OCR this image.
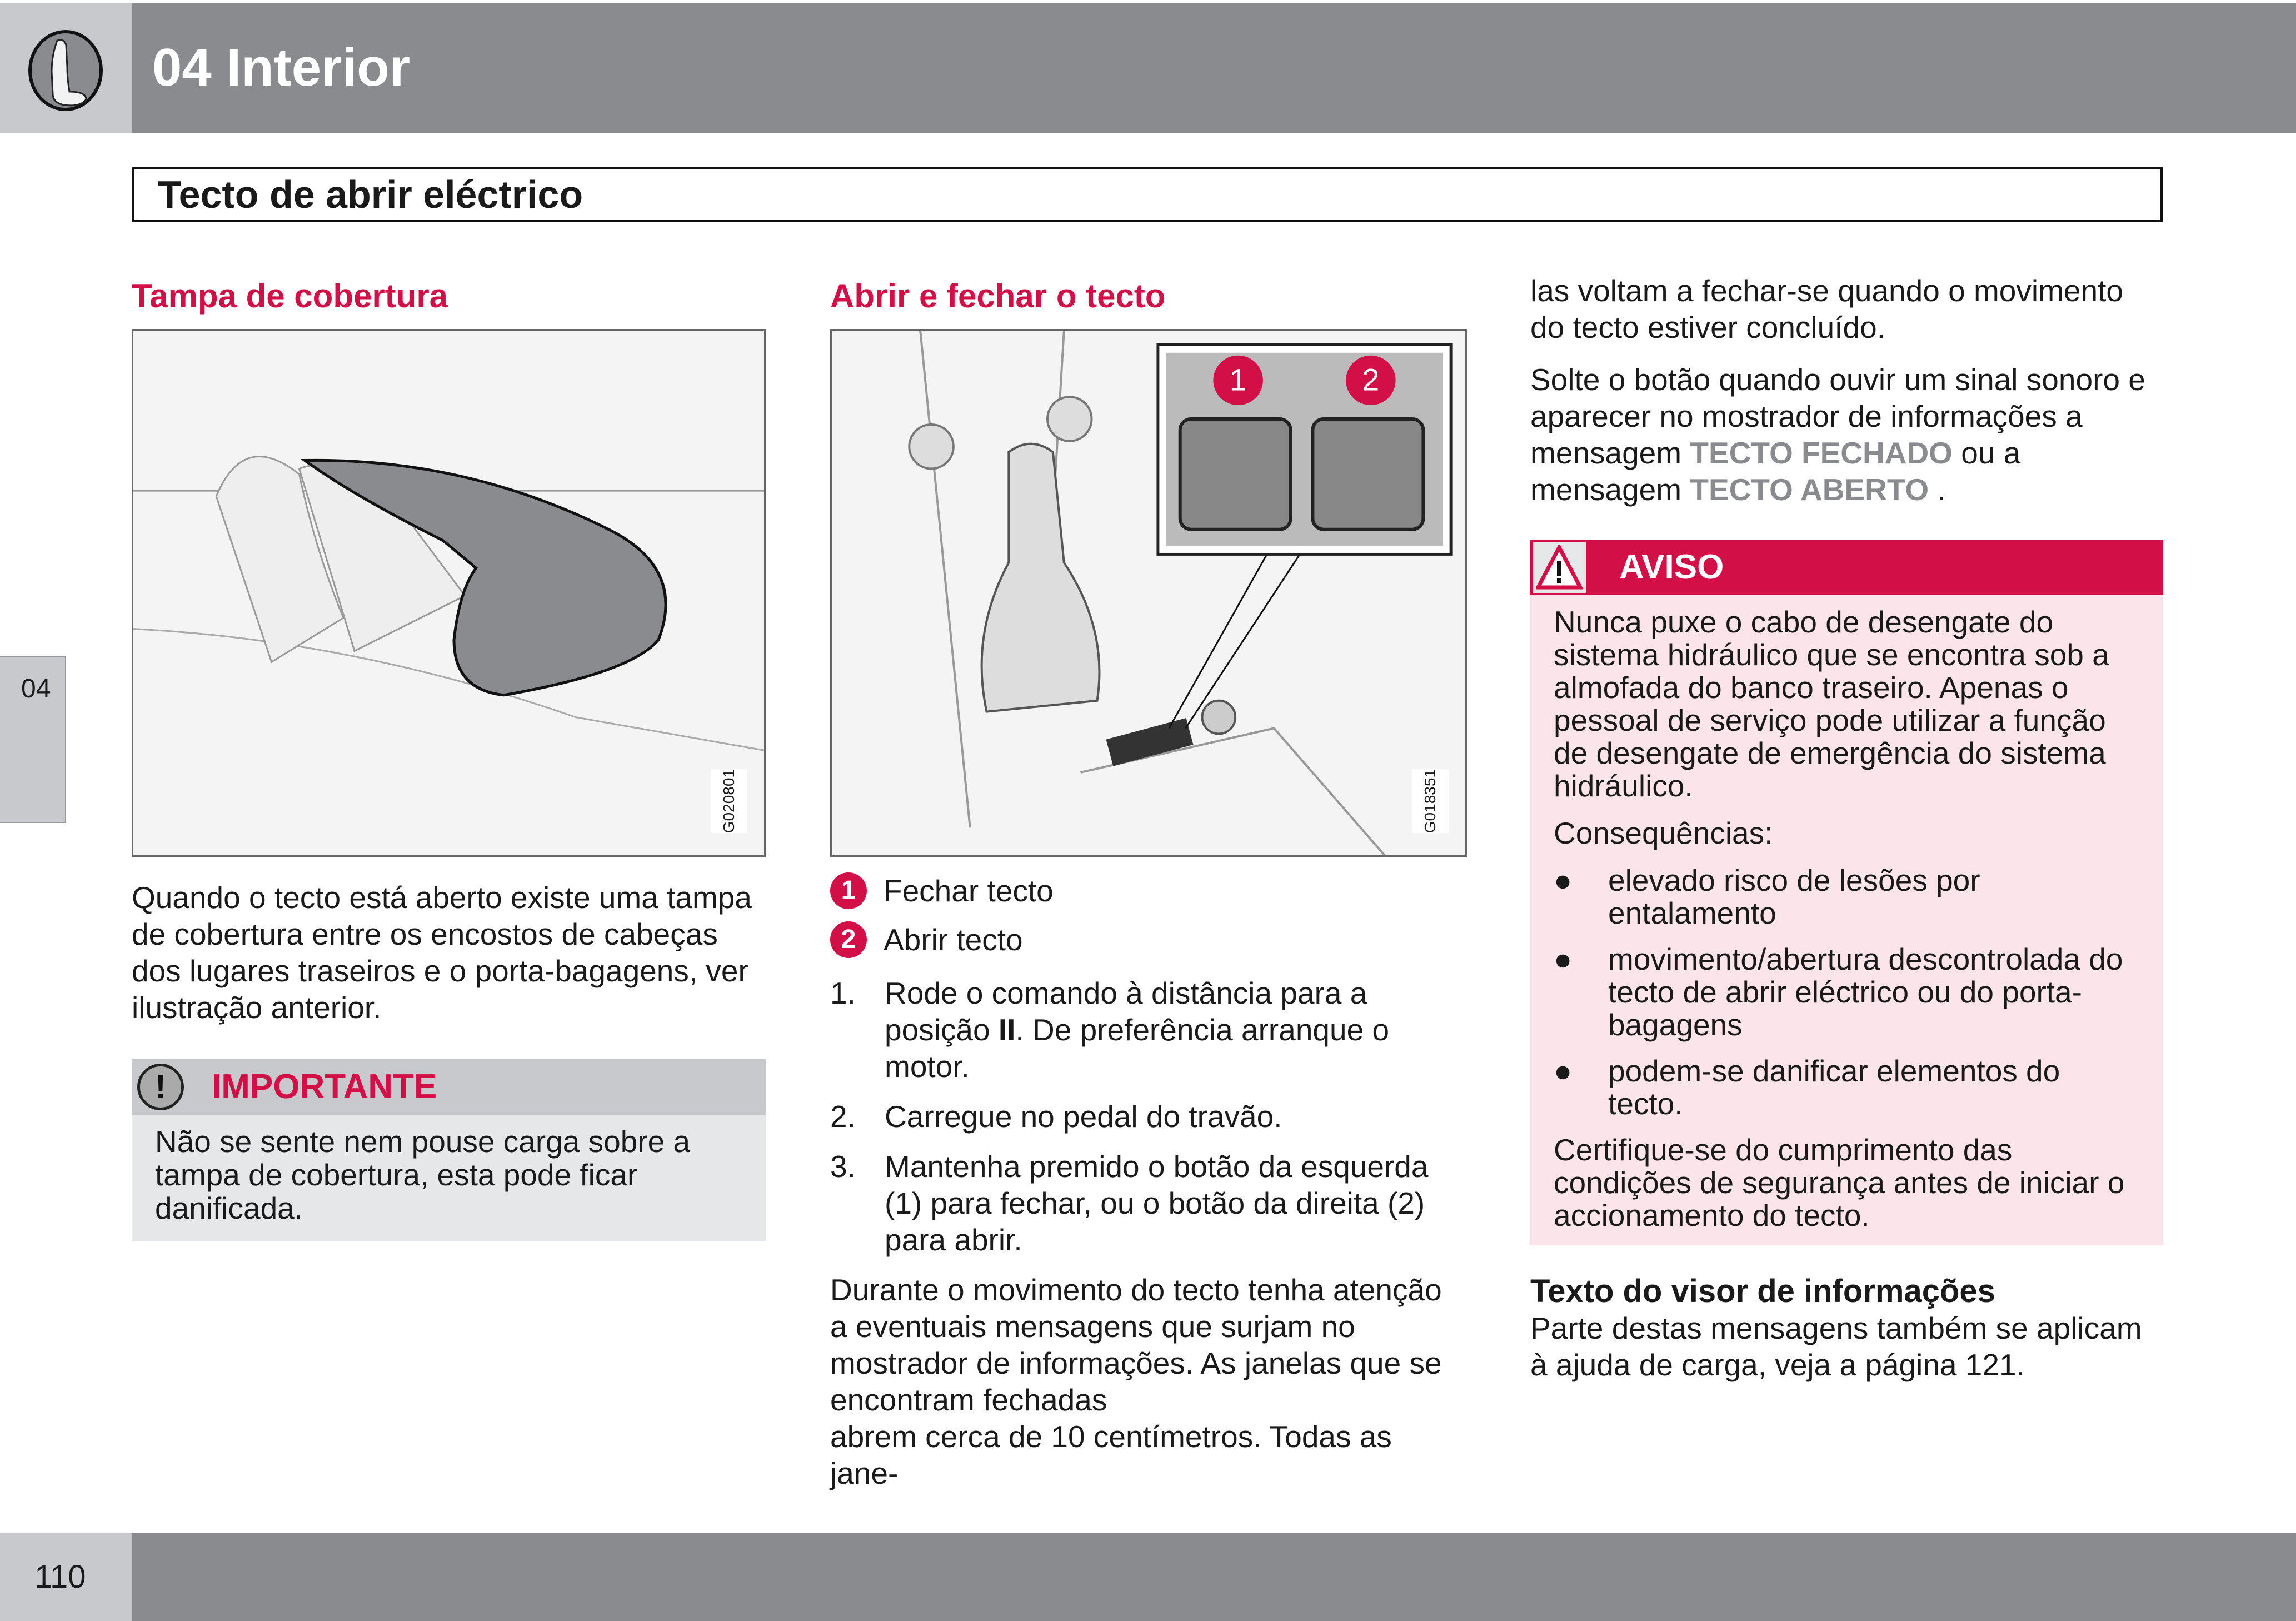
04 Interior
Tecto de abrir eléctrico
04
Tampa de cobertura
G020801

Quando o tecto está aberto existe uma tampa de cobertura entre os encostos de cabeças dos lugares traseiros e o porta-bagagens, ver ilustração anterior.

!	IMPORTANTE
Não se sente nem pouse carga sobre a tampa de cobertura, esta pode ficar danificada.
Abrir e fechar o tecto
1	2
G018351
1 Fechar tecto
2 Abrir tecto
1. Rode o comando à distância para a posição II. De preferência arranque o motor.
2. Carregue no pedal do travão.
3. Mantenha premido o botão da esquerda (1) para fechar, ou o botão da direita (2) para abrir.
Durante o movimento do tecto tenha atenção a eventuais mensagens que surjam no mostrador de informações. As janelas que se encontram fechadas
abrem cerca de 10 centímetros. Todas as jane-

las voltam a fechar-se quando o movimento do tecto estiver concluído.

Solte o botão quando ouvir um sinal sonoro e aparecer no mostrador de informações a mensagem TECTO FECHADO ou a mensagem TECTO ABERTO .

AVISO

Nunca puxe o cabo de desengate do sistema hidráulico que se encontra sob a almofada do banco traseiro. Apenas o pessoal de serviço pode utilizar a função de desengate de emergência do sistema hidráulico.

Consequências:

●	elevado risco de lesões por entalamento
●	movimento/abertura descontrolada do tecto de abrir eléctrico ou do porta-bagagens
●	podem-se danificar elementos do tecto.

Certifique-se do cumprimento das condições de segurança antes de iniciar o accionamento do tecto.

Texto do visor de informações
Parte destas mensagens também se aplicam à ajuda de carga, veja a página 121.
110
